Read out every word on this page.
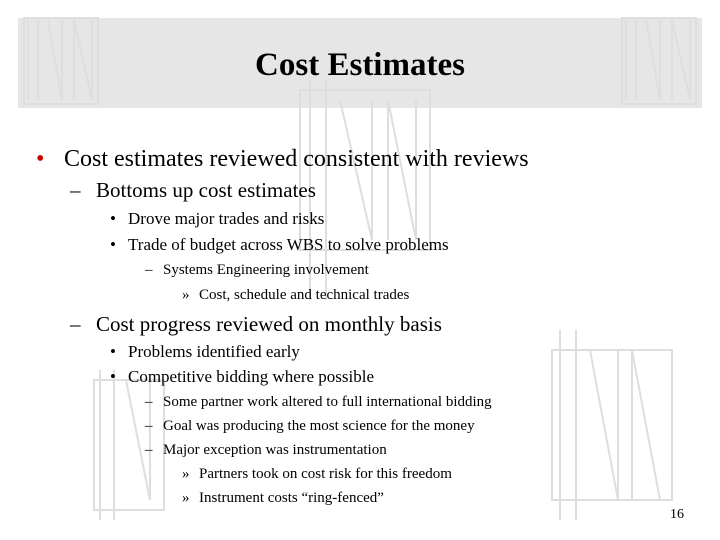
Cost Estimates
• Cost estimates reviewed consistent with reviews
– Bottoms up cost estimates
• Drove major trades and risks
• Trade of budget across WBS to solve problems
– Systems Engineering involvement
» Cost, schedule and technical trades
– Cost progress reviewed on monthly basis
• Problems identified early
• Competitive bidding where possible
– Some partner work altered to full international bidding
– Goal was producing the most science for the money
– Major exception was instrumentation
» Partners took on cost risk for this freedom
» Instrument costs “ring-fenced”
16
